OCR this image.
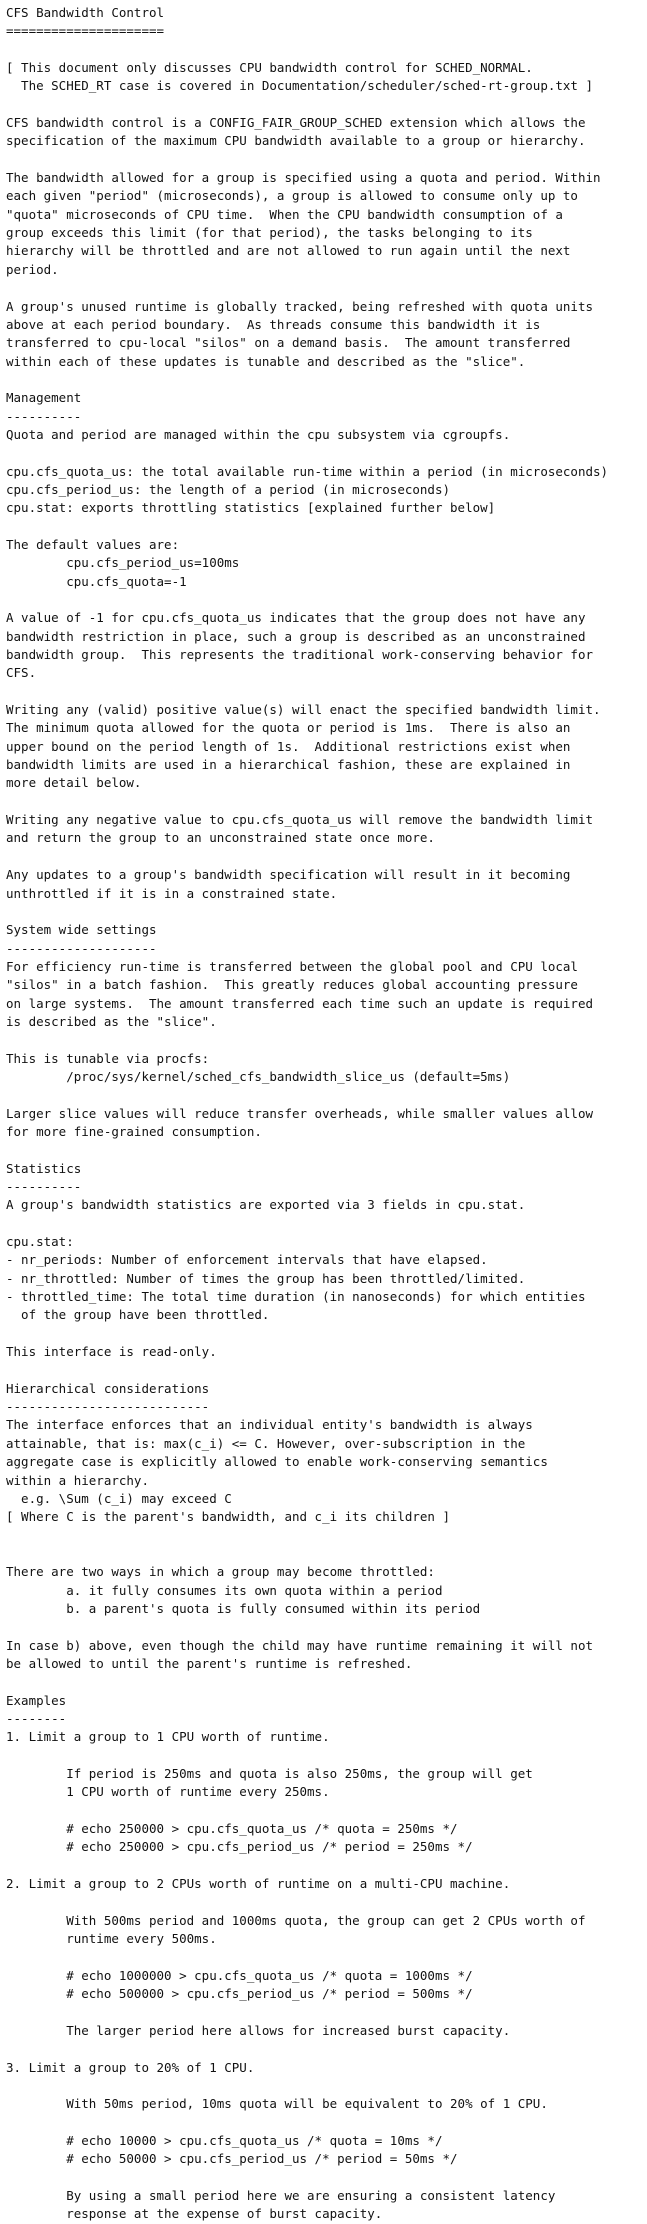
CFS Bandwidth Control
=====================

[ This document only discusses CPU bandwidth control for SCHED_NORMAL.
The SCHED_RT case is covered in Documentation/scheduler/sched-rt-group.txt ]

CFS bandwidth control is a CONFIG_FAIR_GROUP_SCHED extension which allows the
specification of the maximum CPU bandwidth available to a group or hierarchy.

The bandwidth allowed for a group is specified using a quota and period. Within
each given "period" (microseconds), a group is allowed to consume only up to
"quota" microseconds of CPU time.  When the CPU bandwidth consumption of a
group exceeds this limit (for that period), the tasks belonging to its
hierarchy will be throttled and are not allowed to run again until the next
period.

A group's unused runtime is globally tracked, being refreshed with quota units
above at each period boundary.  As threads consume this bandwidth it is
transferred to cpu-local "silos" on a demand basis.  The amount transferred
within each of these updates is tunable and described as the "slice".

Management
----------
Quota and period are managed within the cpu subsystem via cgroupfs.

cpu.cfs_quota_us: the total available run-time within a period (in microseconds)
cpu.cfs_period_us: the length of a period (in microseconds)
cpu.stat: exports throttling statistics [explained further below]

The default values are:
cpu.cfs_period_us=100ms
cpu.cfs_quota=-1

A value of -1 for cpu.cfs_quota_us indicates that the group does not have any
bandwidth restriction in place, such a group is described as an unconstrained
bandwidth group.  This represents the traditional work-conserving behavior for
CFS.

Writing any (valid) positive value(s) will enact the specified bandwidth limit.
The minimum quota allowed for the quota or period is 1ms.  There is also an
upper bound on the period length of 1s.  Additional restrictions exist when
bandwidth limits are used in a hierarchical fashion, these are explained in
more detail below.

Writing any negative value to cpu.cfs_quota_us will remove the bandwidth limit
and return the group to an unconstrained state once more.

Any updates to a group's bandwidth specification will result in it becoming
unthrottled if it is in a constrained state.

System wide settings
--------------------
For efficiency run-time is transferred between the global pool and CPU local
"silos" in a batch fashion.  This greatly reduces global accounting pressure
on large systems.  The amount transferred each time such an update is required
is described as the "slice".

This is tunable via procfs:
/proc/sys/kernel/sched_cfs_bandwidth_slice_us (default=5ms)

Larger slice values will reduce transfer overheads, while smaller values allow
for more fine-grained consumption.

Statistics
----------
A group's bandwidth statistics are exported via 3 fields in cpu.stat.

cpu.stat:
- nr_periods: Number of enforcement intervals that have elapsed.
- nr_throttled: Number of times the group has been throttled/limited.
- throttled_time: The total time duration (in nanoseconds) for which entities
of the group have been throttled.

This interface is read-only.

Hierarchical considerations
---------------------------
The interface enforces that an individual entity's bandwidth is always
attainable, that is: max(c_i) <= C. However, over-subscription in the
aggregate case is explicitly allowed to enable work-conserving semantics
within a hierarchy.
e.g. \Sum (c_i) may exceed C
[ Where C is the parent's bandwidth, and c_i its children ]

There are two ways in which a group may become throttled:
a. it fully consumes its own quota within a period
b. a parent's quota is fully consumed within its period

In case b) above, even though the child may have runtime remaining it will not
be allowed to until the parent's runtime is refreshed.

Examples
--------
1. Limit a group to 1 CPU worth of runtime.

If period is 250ms and quota is also 250ms, the group will get
1 CPU worth of runtime every 250ms.

# echo 250000 > cpu.cfs_quota_us /* quota = 250ms */
# echo 250000 > cpu.cfs_period_us /* period = 250ms */

2. Limit a group to 2 CPUs worth of runtime on a multi-CPU machine.

With 500ms period and 1000ms quota, the group can get 2 CPUs worth of
runtime every 500ms.

# echo 1000000 > cpu.cfs_quota_us /* quota = 1000ms */
# echo 500000 > cpu.cfs_period_us /* period = 500ms */

The larger period here allows for increased burst capacity.

3. Limit a group to 20% of 1 CPU.

With 50ms period, 10ms quota will be equivalent to 20% of 1 CPU.

# echo 10000 > cpu.cfs_quota_us /* quota = 10ms */
# echo 50000 > cpu.cfs_period_us /* period = 50ms */

By using a small period here we are ensuring a consistent latency
response at the expense of burst capacity.
